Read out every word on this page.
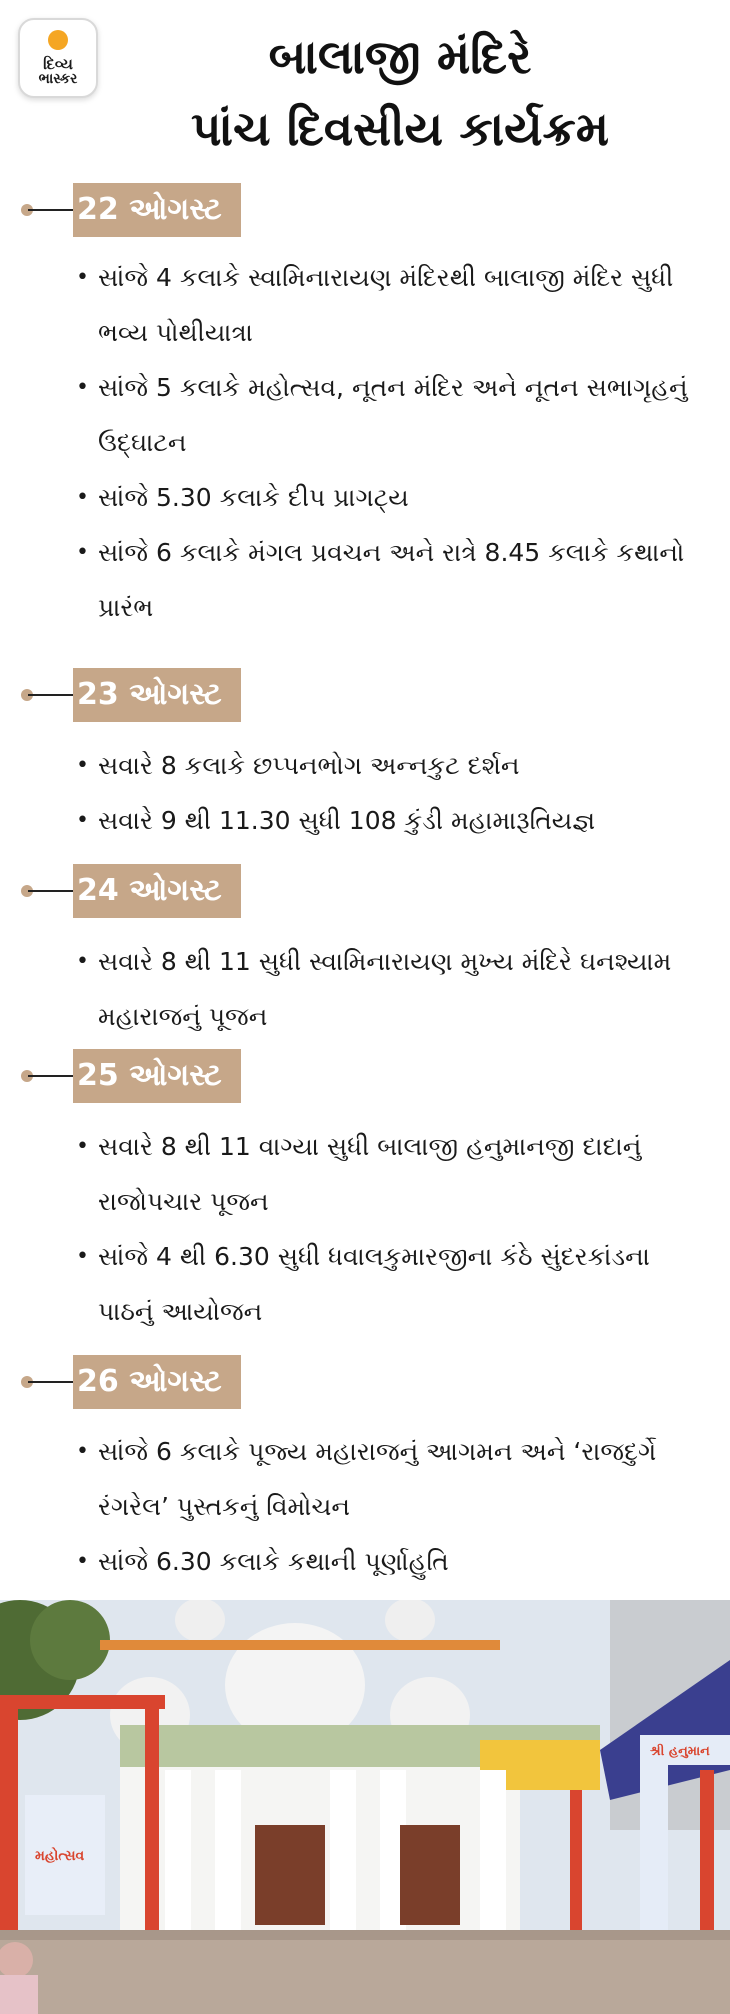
દિવ્ય
ભાસ્કર	બાલાજી મંદિરે
પાંચ દિવસીય કાર્યક્રમ
22 ઓગસ્ટ
• સાંજે 4 કલાકે સ્વામિનારાયણ મંદિરથી બાલાજી મંદિર સુધી ભવ્ય પોથીયાત્રા
• સાંજે 5 કલાકે મહોત્સવ, નૂતન મંદિર અને નૂતન સભાગૃહનું ઉદ્ઘાટન
• સાંજે 5.30 કલાકે દીપ પ્રાગટ્ય
• સાંજે 6 કલાકે મંગલ પ્રવચન અને રાત્રે 8.45 કલાકે કથાનો પ્રારંભ
23 ઓગસ્ટ
• સવારે 8 કલાકે છપ્પનભોગ અન્નકુટ દર્શન
• સવારે 9 થી 11.30 સુધી 108 કુંડી મહામારૂતિયજ્ઞ
24 ઓગસ્ટ
• સવારે 8 થી 11 સુધી સ્વામિનારાયણ મુખ્ય મંદિરે ઘનશ્યામ મહારાજનું પૂજન
25 ઓગસ્ટ
• સવારે 8 થી 11 વાગ્યા સુધી બાલાજી હનુમાનજી દાદાનું રાજોપચાર પૂજન
• સાંજે 4 થી 6.30 સુધી ધવાલકુમારજીના કંઠે સુંદરકાંડના પાઠનું આયોજન
26 ઓગસ્ટ
• સાંજે 6 કલાકે પૂજ્ય મહારાજનું આગમન અને ‘રાજદુર્ગે રંગરેલ’ પુસ્તકનું વિમોચન
• સાંજે 6.30 કલાકે કથાની પૂર્ણાહુતિ
મહોત્સવ
શ્રી હનુમાન
